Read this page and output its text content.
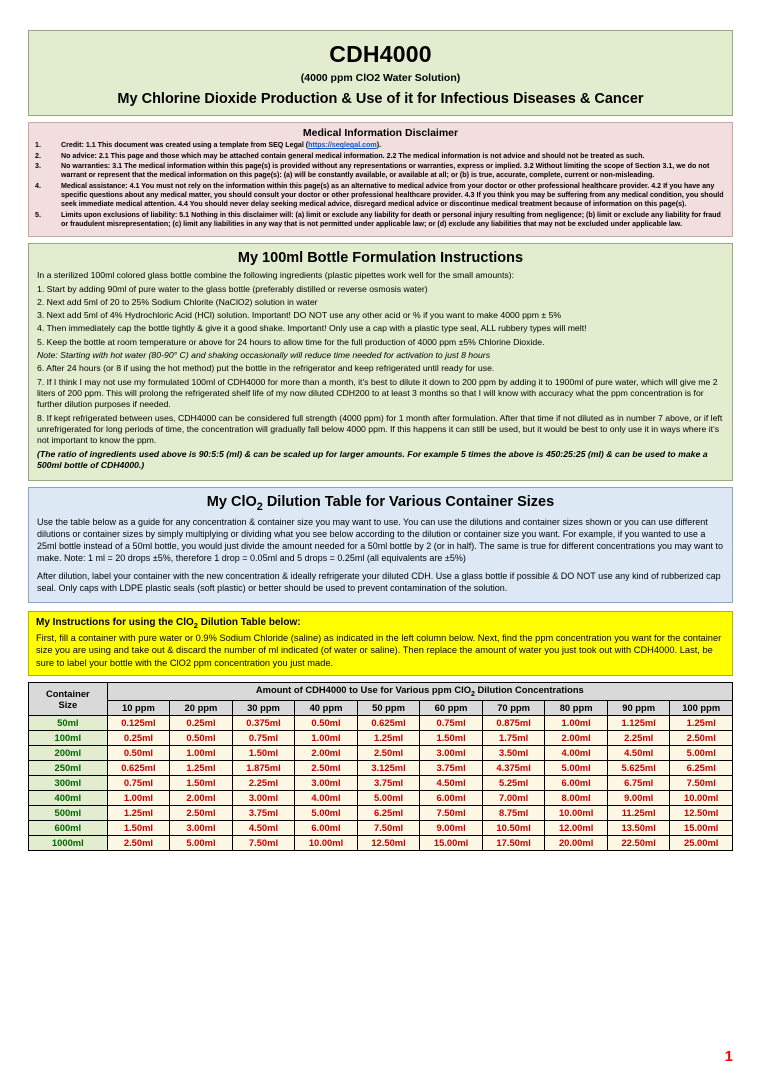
CDH4000
(4000 ppm ClO2 Water Solution)
My Chlorine Dioxide Production & Use of it for Infectious Diseases & Cancer
Medical Information Disclaimer
1.	Credit: 1.1 This document was created using a template from SEQ Legal (https://seqlegal.com).
2.	No advice: 2.1 This page and those which may be attached contain general medical information. 2.2 The medical information is not advice and should not be treated as such.
3.	No warranties: 3.1 The medical information within this page(s) is provided without any representations or warranties, express or implied. 3.2 Without limiting the scope of Section 3.1, we do not warrant or represent that the medical information on this page(s): (a) will be constantly available, or available at all; or (b) is true, accurate, complete, current or non-misleading.
4.	Medical assistance: 4.1 You must not rely on the information within this page(s) as an alternative to medical advice from your doctor or other professional healthcare provider. 4.2 If you have any specific questions about any medical matter, you should consult your doctor or other professional healthcare provider. 4.3 If you think you may be suffering from any medical condition, you should seek immediate medical attention. 4.4 You should never delay seeking medical advice, disregard medical advice or discontinue medical treatment because of information on this page(s).
5.	Limits upon exclusions of liability: 5.1 Nothing in this disclaimer will: (a) limit or exclude any liability for death or personal injury resulting from negligence; (b) limit or exclude any liability for fraud or fraudulent misrepresentation; (c) limit any liabilities in any way that is not permitted under applicable law; or (d) exclude any liabilities that may not be excluded under applicable law.
My 100ml Bottle Formulation Instructions

In a sterilized 100ml colored glass bottle combine the following ingredients (plastic pipettes work well for the small amounts):

1. Start by adding 90ml of pure water to the glass bottle (preferably distilled or reverse osmosis water)

2. Next add 5ml of 20 to 25% Sodium Chlorite (NaClO2) solution in water

3. Next add 5ml of 4% Hydrochloric Acid (HCl) solution. Important! DO NOT use any other acid or % if you want to make 4000 ppm ± 5%

4. Then immediately cap the bottle tightly & give it a good shake. Important! Only use a cap with a plastic type seal, ALL rubbery types will melt!

5. Keep the bottle at room temperature or above for 24 hours to allow time for the full production of 4000 ppm ±5% Chlorine Dioxide.

Note: Starting with hot water (80-90° C) and shaking occasionally will reduce time needed for activation to just 8 hours

6. After 24 hours (or 8 if using the hot method) put the bottle in the refrigerator and keep refrigerated until ready for use.

7. If I think I may not use my formulated 100ml of CDH4000 for more than a month, it's best to dilute it down to 200 ppm by adding it to 1900ml of pure water, which will give me 2 liters of 200 ppm. This will prolong the refrigerated shelf life of my now diluted CDH200 to at least 3 months so that I will know with accuracy what the ppm concentration is for further dilution purposes if needed.

8. If kept refrigerated between uses, CDH4000 can be considered full strength (4000 ppm) for 1 month after formulation. After that time if not diluted as in number 7 above, or if left unrefrigerated for long periods of time, the concentration will gradually fall below 4000 ppm. If this happens it can still be used, but it would be best to only use it in ways where it's not important to know the ppm.

(The ratio of ingredients used above is 90:5:5 (ml) & can be scaled up for larger amounts. For example 5 times the above is 450:25:25 (ml) & can be used to make a 500ml bottle of CDH4000.)

My ClO$_2$ Dilution Table for Various Container Sizes

Use the table below as a guide for any concentration & container size you may want to use. You can use the dilutions and container sizes shown or you can use different dilutions or container sizes by simply multiplying or dividing what you see below according to the dilution or container size you want. For example, if you wanted to use a 25ml bottle instead of a 50ml bottle, you would just divide the amount needed for a 50ml bottle by 2 (or in half). The same is true for different concentrations you may want to make. Note: 1 ml = 20 drops ±5%, therefore 1 drop = 0.05ml and 5 drops = 0.25ml (all equivalents are ±5%)

After dilution, label your container with the new concentration & ideally refrigerate your diluted CDH. Use a glass bottle if possible & DO NOT use any kind of rubberized cap seal. Only caps with LDPE plastic seals (soft plastic) or better should be used to prevent contamination of the solution.

My Instructions for using the ClO$_2$ Dilution Table below:
First, fill a container with pure water or 0.9% Sodium Chloride (saline) as indicated in the left column below. Next, find the ppm concentration you want for the container size you are using and take out & discard the number of ml indicated (of water or saline). Then replace the amount of water you just took out with CDH4000. Last, be sure to label your bottle with the ClO2 ppm concentration you just made.
Container
Size	Amount of CDH4000 to Use for Various ppm ClO$_2$ Dilution Concentrations									
	10 ppm	20 ppm	30 ppm	40 ppm	50 ppm	60 ppm	70 ppm	80 ppm	90 ppm	100 ppm
50ml	0.125ml	0.25ml	0.375ml	0.50ml	0.625ml	0.75ml	0.875ml	1.00ml	1.125ml	1.25ml
100ml	0.25ml	0.50ml	0.75ml	1.00ml	1.25ml	1.50ml	1.75ml	2.00ml	2.25ml	2.50ml
200ml	0.50ml	1.00ml	1.50ml	2.00ml	2.50ml	3.00ml	3.50ml	4.00ml	4.50ml	5.00ml
250ml	0.625ml	1.25ml	1.875ml	2.50ml	3.125ml	3.75ml	4.375ml	5.00ml	5.625ml	6.25ml
300ml	0.75ml	1.50ml	2.25ml	3.00ml	3.75ml	4.50ml	5.25ml	6.00ml	6.75ml	7.50ml
400ml	1.00ml	2.00ml	3.00ml	4.00ml	5.00ml	6.00ml	7.00ml	8.00ml	9.00ml	10.00ml
500ml	1.25ml	2.50ml	3.75ml	5.00ml	6.25ml	7.50ml	8.75ml	10.00ml	11.25ml	12.50ml
600ml	1.50ml	3.00ml	4.50ml	6.00ml	7.50ml	9.00ml	10.50ml	12.00ml	13.50ml	15.00ml
1000ml	2.50ml	5.00ml	7.50ml	10.00ml	12.50ml	15.00ml	17.50ml	20.00ml	22.50ml	25.00ml
1
